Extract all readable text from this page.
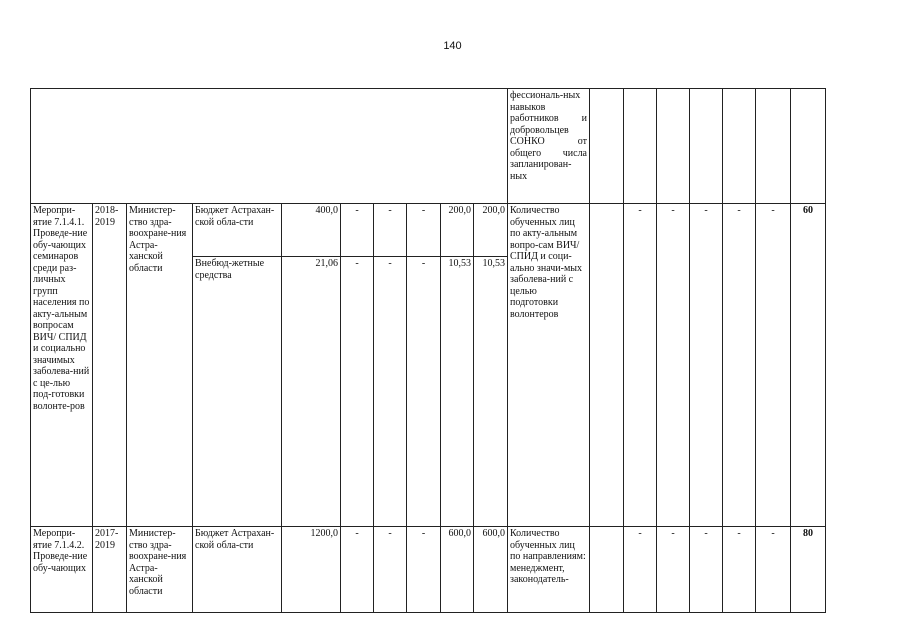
140
										фессиональ-ных навыков работников и добровольцев СОНКО от общего числа запланирован-ных							
Меропри-ятие 7.1.4.1. Проведе-ние обу-чающих семинаров среди раз-личных групп населения по акту-альным вопросам ВИЧ/ СПИД и социально значимых заболева-ний с це-лью под-готовки волонте-ров	2018-2019	Министер-ство здра-воохране-ния Астра-ханской области	Бюджет Астрахан-ской обла-сти	400,0	-	-	-	200,0	200,0	Количество обученных лиц по акту-альным вопро-сам ВИЧ/ СПИД и соци-ально значи-мых заболева-ний с целью подготовки волонтеров		-	-	-	-	-	60
			Внебюд-жетные средства	21,06	-	-	-	10,53	10,53								
Меропри-ятие 7.1.4.2. Проведе-ние обу-чающих	2017-2019	Министер-ство здра-воохране-ния Астра-ханской области	Бюджет Астрахан-ской обла-сти	1200,0	-	-	-	600,0	600,0	Количество обученных лиц по направлениям: менеджмент, законодатель-		-	-	-	-	-	80
